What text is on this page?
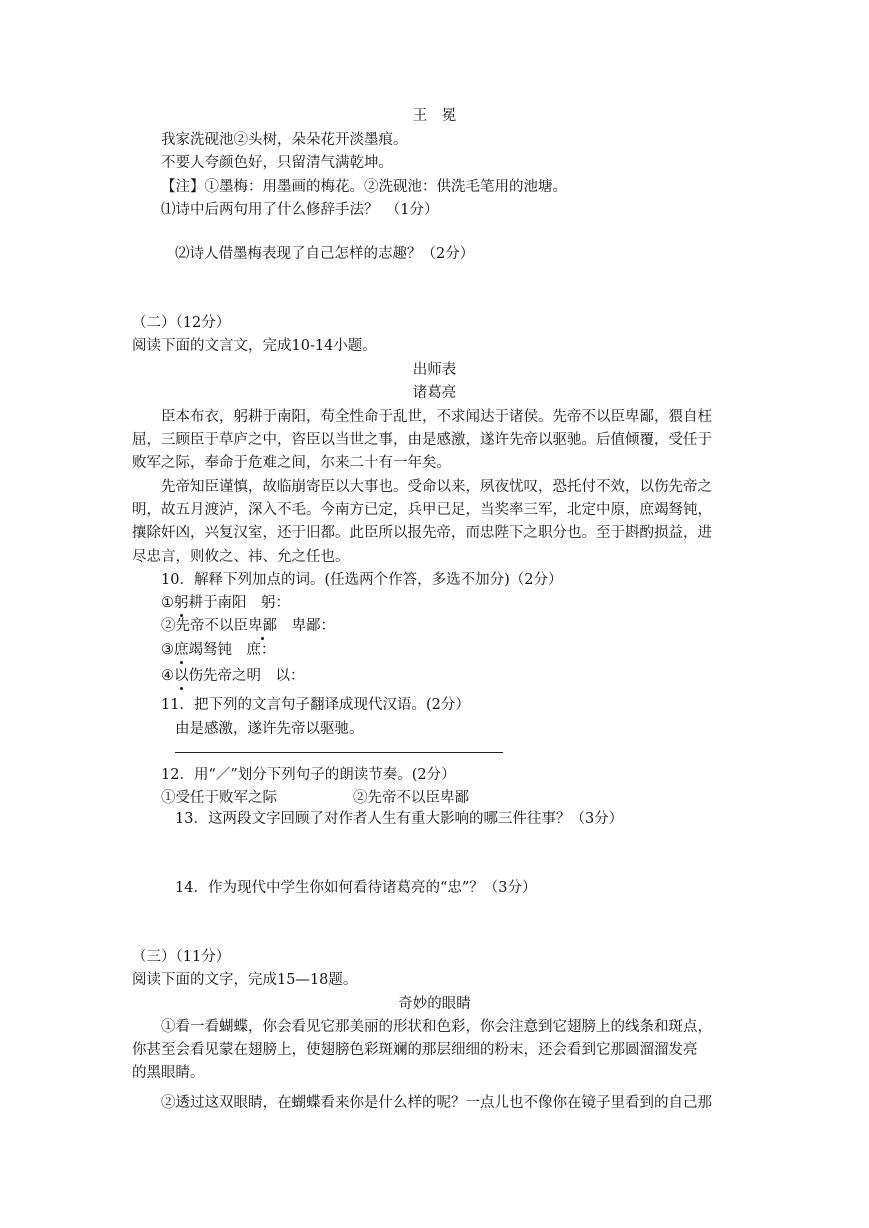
王　冕
我家洗砚池②头树，朵朵花开淡墨痕。
不要人夸颜色好，只留清气满乾坤。
【注】①墨梅：用墨画的梅花。②洗砚池：供洗毛笔用的池塘。
⑴诗中后两句用了什么修辞手法？　（1分）
⑵诗人借墨梅表现了自己怎样的志趣？（2分）
（二）（12分）
阅读下面的文言文，完成10-14小题。
出师表
诸葛亮
臣本布衣，躬耕于南阳，苟全性命于乱世，不求闻达于诸侯。先帝不以臣卑鄙，猥自枉
屈，三顾臣于草庐之中，咨臣以当世之事，由是感激，遂许先帝以驱驰。后值倾覆，受任于
败军之际，奉命于危难之间，尔来二十有一年矣。
先帝知臣谨慎，故临崩寄臣以大事也。受命以来，夙夜忧叹，恐托付不效，以伤先帝之
明，故五月渡泸，深入不毛。今南方已定，兵甲已足，当奖率三军，北定中原，庶竭驽钝，
攘除奸凶，兴复汉室，还于旧都。此臣所以报先帝，而忠陛下之职分也。至于斟酌损益，进
尽忠言，则攸之、祎、允之任也。
10．解释下列加点的词。(任选两个作答，多选不加分)（2分）
①躬耕于南阳　躬：
②先帝不以臣卑鄙　卑鄙：
③庶竭驽钝　庶：
④以伤先帝之明　以：
11．把下列的文言句子翻译成现代汉语。(2分）
由是感激，遂许先帝以驱驰。
12．用“／”划分下列句子的朗读节奏。(2分）
①受任于败军之际	②先帝不以臣卑鄙
13．这两段文字回顾了对作者人生有重大影响的哪三件往事？（3分）
14．作为现代中学生你如何看待诸葛亮的“忠”？（3分）
（三）（11分）
阅读下面的文字，完成15—18题。
奇妙的眼睛
①看一看蝴蝶，你会看见它那美丽的形状和色彩，你会注意到它翅膀上的线条和斑点，
你甚至会看见蒙在翅膀上，使翅膀色彩斑斓的那层细细的粉末，还会看到它那圆溜溜发亮
的黑眼睛。
②透过这双眼睛，在蝴蝶看来你是什么样的呢？一点儿也不像你在镜子里看到的自己那
